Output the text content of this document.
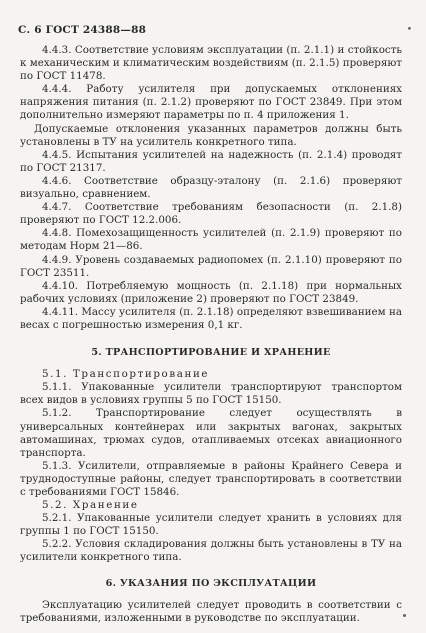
С. 6 ГОСТ 24388—88	•

4.4.3. Соответствие условиям эксплуатации (п. 2.1.1) и стойкость к механическим и климатическим воздействиям (п. 2.1.5) проверяют по ГОСТ 11478.

4.4.4. Работу усилителя при допускаемых отклонениях напряжения питания (п. 2.1.2) проверяют по ГОСТ 23849. При этом дополнительно измеряют параметры по п. 4 приложения 1.

Допускаемые отклонения указанных параметров должны быть установлены в ТУ на усилитель конкретного типа.

4.4.5. Испытания усилителей на надежность (п. 2.1.4) проводят по ГОСТ 21317.

4.4.6. Соответствие образцу-эталону (п. 2.1.6) проверяют визуально, сравнением.

4.4.7. Соответствие требованиям безопасности (п. 2.1.8) проверяют по ГОСТ 12.2.006.

4.4.8. Помехозащищенность усилителей (п. 2.1.9) проверяют по методам Норм 21—86.

4.4.9. Уровень создаваемых радиопомех (п. 2.1.10) проверяют по ГОСТ 23511.

4.4.10. Потребляемую мощность (п. 2.1.18) при нормальных рабочих условиях (приложение 2) проверяют по ГОСТ 23849.

4.4.11. Массу усилителя (п. 2.1.18) определяют взвешиванием на весах с погрешностью измерения 0,1 кг.

5. ТРАНСПОРТИРОВАНИЕ И ХРАНЕНИЕ

5.1. Транспортирование

5.1.1. Упакованные усилители транспортируют транспортом всех видов в условиях группы 5 по ГОСТ 15150.

5.1.2. Транспортирование следует осуществлять в универсальных контейнерах или закрытых вагонах, закрытых автомашинах, трюмах судов, отапливаемых отсеках авиационного транспорта.

5.1.3. Усилители, отправляемые в районы Крайнего Севера и труднодоступные районы, следует транспортировать в соответствии с требованиями ГОСТ 15846.

5.2. Хранение

5.2.1. Упакованные усилители следует хранить в условиях для группы 1 по ГОСТ 15150.

5.2.2. Условия складирования должны быть установлены в ТУ на усилители конкретного типа.

6. УКАЗАНИЯ ПО ЭКСПЛУАТАЦИИ

Эксплуатацию усилителей следует проводить в соответствии с требованиями, изложенными в руководстве по эксплуатации.
